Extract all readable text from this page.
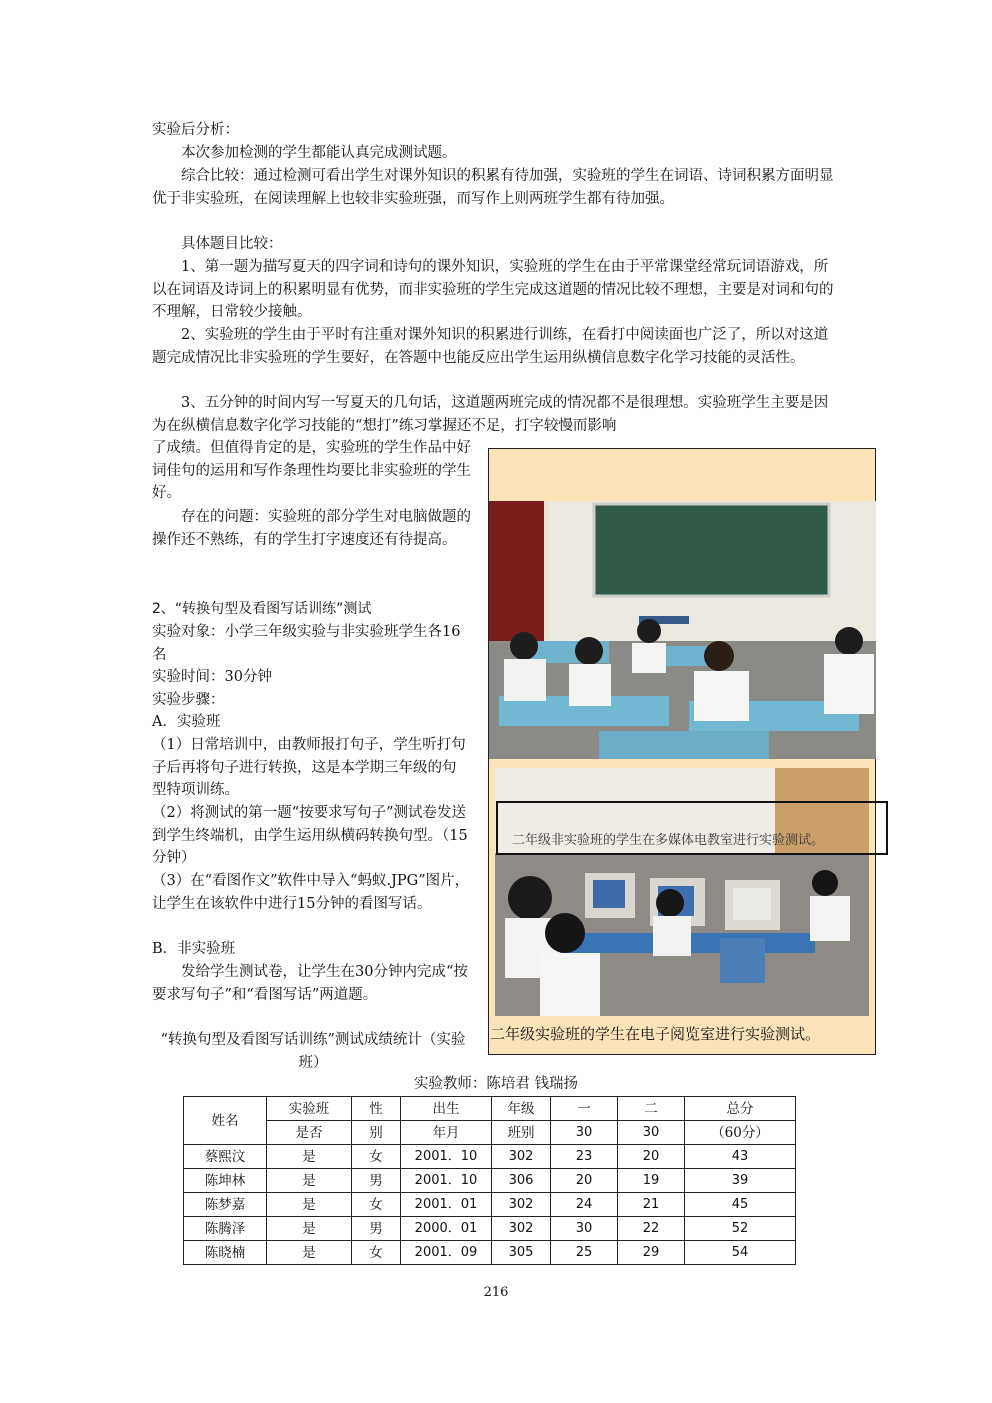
实验后分析：
本次参加检测的学生都能认真完成测试题。
综合比较：通过检测可看出学生对课外知识的积累有待加强，实验班的学生在词语、诗词积累方面明显优于非实验班，在阅读理解上也较非实验班强，而写作上则两班学生都有待加强。
具体题目比较：
1、第一题为描写夏天的四字词和诗句的课外知识，实验班的学生在由于平常课堂经常玩词语游戏，所以在词语及诗词上的积累明显有优势，而非实验班的学生完成这道题的情况比较不理想，主要是对词和句的不理解，日常较少接触。
2、实验班的学生由于平时有注重对课外知识的积累进行训练，在看打中阅读面也广泛了，所以对这道题完成情况比非实验班的学生要好，在答题中也能反应出学生运用纵横信息数字化学习技能的灵活性。
3、五分钟的时间内写一写夏天的几句话，这道题两班完成的情况都不是很理想。实验班学生主要是因为在纵横信息数字化学习技能的“想打”练习掌握还不足，打字较慢而影响
了成绩。但值得肯定的是，实验班的学生作品中好词佳句的运用和写作条理性均要比非实验班的学生好。
存在的问题：实验班的部分学生对电脑做题的操作还不熟练，有的学生打字速度还有待提高。
2、“转换句型及看图写话训练”测试
实验对象：小学三年级实验与非实验班学生各16名
实验时间：30分钟
实验步骤：
A．实验班
（1）日常培训中，由教师报打句子，学生听打句子后再将句子进行转换，这是本学期三年级的句型特项训练。
（2）将测试的第一题“按要求写句子”测试卷发送到学生终端机，由学生运用纵横码转换句型。（15分钟）
（3）在“看图作文”软件中导入“蚂蚁.JPG”图片，让学生在该软件中进行15分钟的看图写话。
B．非实验班
发给学生测试卷，让学生在30分钟内完成“按要求写句子”和“看图写话”两道题。
“转换句型及看图写话训练”测试成绩统计（实验班）
实验教师：陈培君 钱瑞扬
二年级非实验班的学生在多媒体电教室进行实验测试。
二年级实验班的学生在电子阅览室进行实验测试。
姓名	实验班	性	出生	年级	一	二	总分
	是否	别	年月	班别	30	30	（60分）
蔡熙汶	是	女	2001．10	302	23	20	43
陈坤林	是	男	2001．10	306	20	19	39
陈梦嘉	是	女	2001．01	302	24	21	45
陈腾泽	是	男	2000．01	302	30	22	52
陈晓楠	是	女	2001．09	305	25	29	54
216
